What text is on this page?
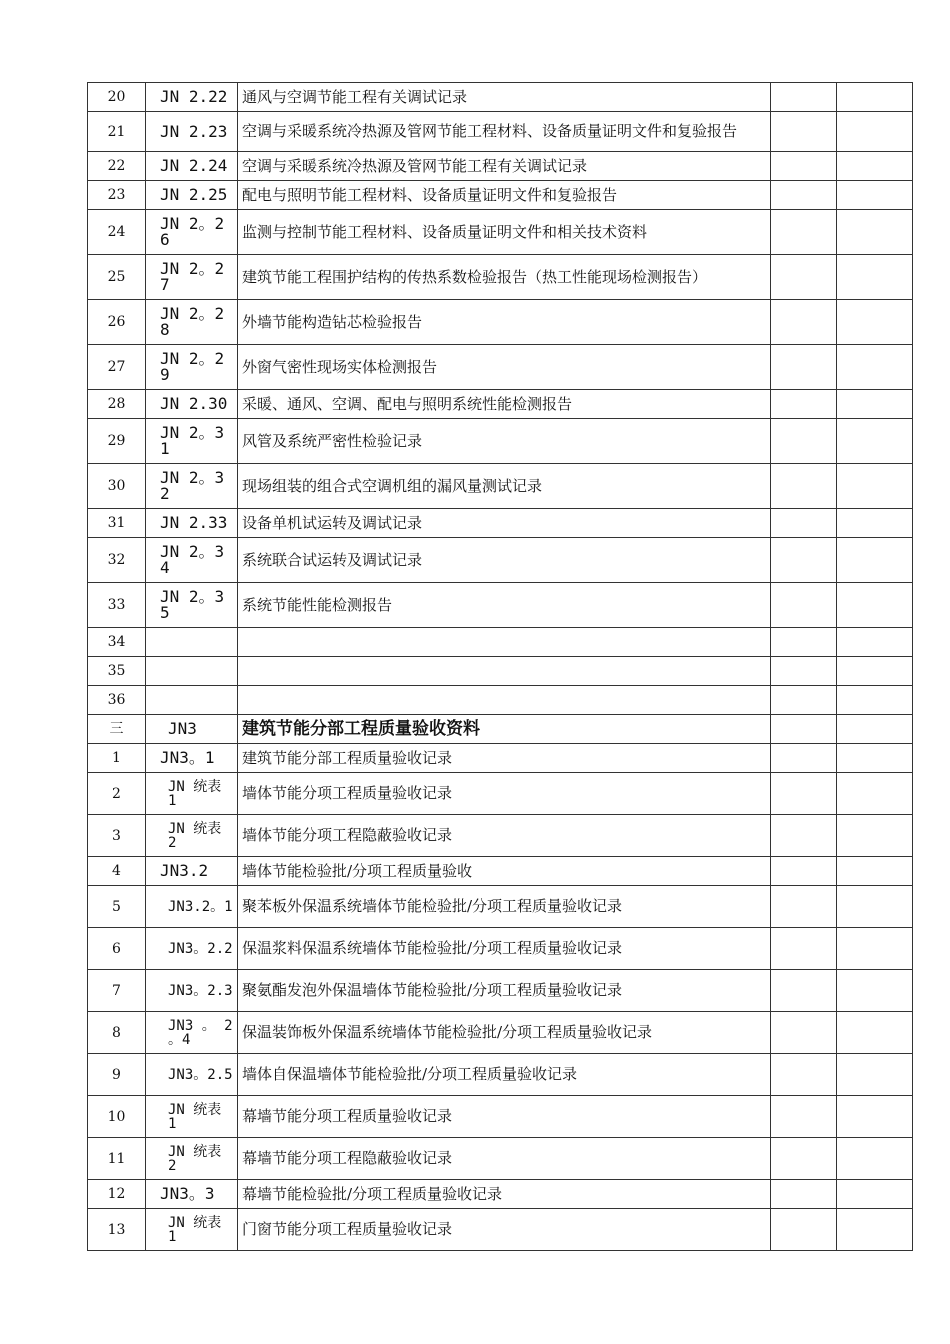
20	JN 2.22	通风与空调节能工程有关调试记录		
21	JN 2.23	空调与采暖系统冷热源及管网节能工程材料、设备质量证明文件和复验报告		
22	JN 2.24	空调与采暖系统冷热源及管网节能工程有关调试记录		
23	JN 2.25	配电与照明节能工程材料、设备质量证明文件和复验报告		
24	JN 2。26	监测与控制节能工程材料、设备质量证明文件和相关技术资料		
25	JN 2。27	建筑节能工程围护结构的传热系数检验报告（热工性能现场检测报告）		
26	JN 2。28	外墙节能构造钻芯检验报告		
27	JN 2。29	外窗气密性现场实体检测报告		
28	JN 2.30	采暖、通风、空调、配电与照明系统性能检测报告		
29	JN 2。31	风管及系统严密性检验记录		
30	JN 2。32	现场组装的组合式空调机组的漏风量测试记录		
31	JN 2.33	设备单机试运转及调试记录		
32	JN 2。34	系统联合试运转及调试记录		
33	JN 2。35	系统节能性能检测报告		
34				
35				
36				
三	JN3	建筑节能分部工程质量验收资料		
1	JN3。1	建筑节能分部工程质量验收记录		
2	JN 统表 1	墙体节能分项工程质量验收记录		
3	JN 统表 2	墙体节能分项工程隐蔽验收记录		
4	JN3.2	墙体节能检验批/分项工程质量验收		
5	JN3.2。1	聚苯板外保温系统墙体节能检验批/分项工程质量验收记录		
6	JN3。2.2	保温浆料保温系统墙体节能检验批/分项工程质量验收记录		
7	JN3。2.3	聚氨酯发泡外保温墙体节能检验批/分项工程质量验收记录		
8	JN3 。 2 。4	保温装饰板外保温系统墙体节能检验批/分项工程质量验收记录		
9	JN3。2.5	墙体自保温墙体节能检验批/分项工程质量验收记录		
10	JN 统表 1	幕墙节能分项工程质量验收记录		
11	JN 统表 2	幕墙节能分项工程隐蔽验收记录		
12	JN3。3	幕墙节能检验批/分项工程质量验收记录		
13	JN 统表 1	门窗节能分项工程质量验收记录		
